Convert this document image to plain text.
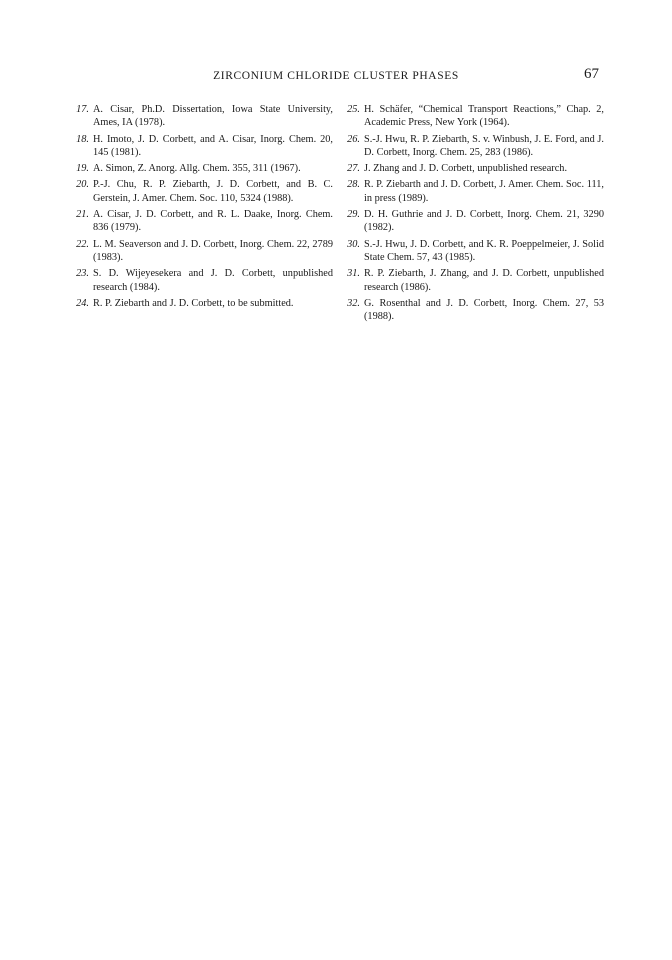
ZIRCONIUM CHLORIDE CLUSTER PHASES	67
17. A. Cisar, Ph.D. Dissertation, Iowa State University, Ames, IA (1978).
18. H. Imoto, J. D. Corbett, and A. Cisar, Inorg. Chem. 20, 145 (1981).
19. A. Simon, Z. Anorg. Allg. Chem. 355, 311 (1967).
20. P.-J. Chu, R. P. Ziebarth, J. D. Corbett, and B. C. Gerstein, J. Amer. Chem. Soc. 110, 5324 (1988).
21. A. Cisar, J. D. Corbett, and R. L. Daake, Inorg. Chem. 836 (1979).
22. L. M. Seaverson and J. D. Corbett, Inorg. Chem. 22, 2789 (1983).
23. S. D. Wijeyesekera and J. D. Corbett, unpublished research (1984).
24. R. P. Ziebarth and J. D. Corbett, to be submitted.
25. H. Schäfer, “Chemical Transport Reactions,” Chap. 2, Academic Press, New York (1964).
26. S.-J. Hwu, R. P. Ziebarth, S. v. Winbush, J. E. Ford, and J. D. Corbett, Inorg. Chem. 25, 283 (1986).
27. J. Zhang and J. D. Corbett, unpublished research.
28. R. P. Ziebarth and J. D. Corbett, J. Amer. Chem. Soc. 111, in press (1989).
29. D. H. Guthrie and J. D. Corbett, Inorg. Chem. 21, 3290 (1982).
30. S.-J. Hwu, J. D. Corbett, and K. R. Poeppelmeier, J. Solid State Chem. 57, 43 (1985).
31. R. P. Ziebarth, J. Zhang, and J. D. Corbett, unpublished research (1986).
32. G. Rosenthal and J. D. Corbett, Inorg. Chem. 27, 53 (1988).
